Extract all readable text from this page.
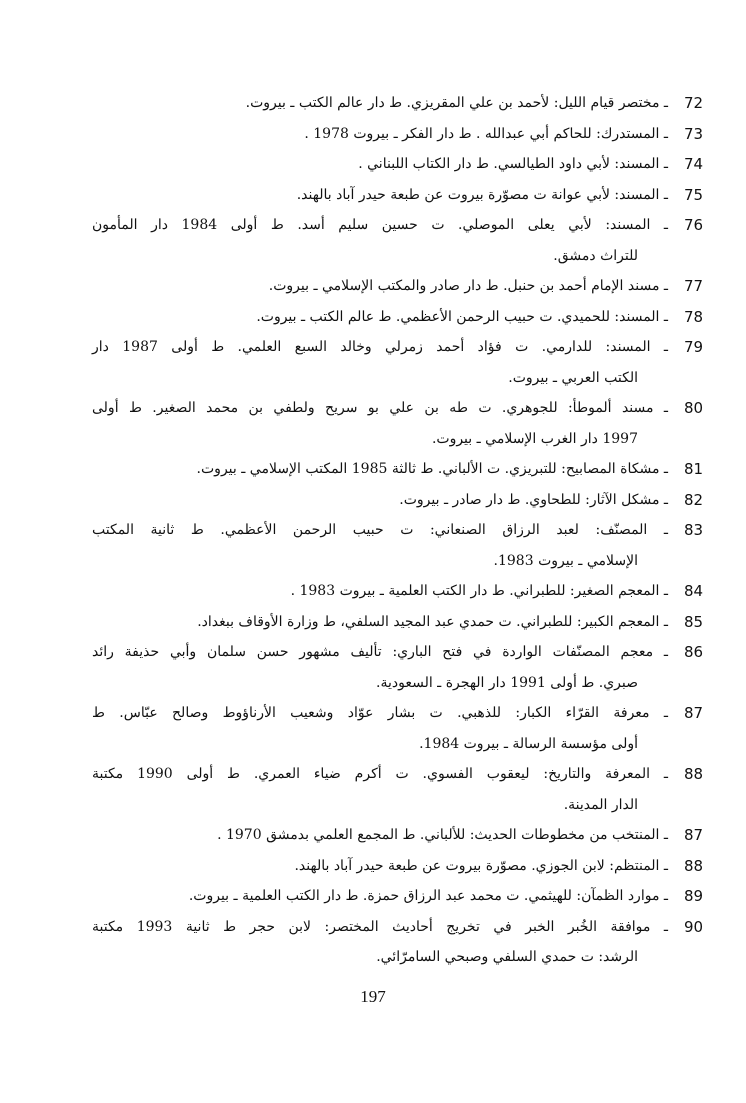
72
ـ مختصر قيام الليل: لأحمد بن علي المقريزي. ط دار عالم الكتب ـ بيروت.
73
ـ المستدرك: للحاكم أبي عبدالله . ط دار الفكر ـ بيروت 1978 .
74
ـ المسند: لأبي داود الطيالسي. ط دار الكتاب اللبناني .
75
ـ المسند: لأبي عوانة ت مصوّرة بيروت عن طبعة حيدر آباد بالهند.
76
ـ المسند: لأبي يعلى الموصلي. ت حسين سليم أسد. ط أولى 1984 دار المأمون
للتراث دمشق.
77
ـ مسند الإمام أحمد بن حنبل. ط دار صادر والمكتب الإسلامي ـ بيروت.
78
ـ المسند: للحميدي. ت حبيب الرحمن الأعظمي. ط عالم الكتب ـ بيروت.
79
ـ المسند: للدارمي. ت فؤاد أحمد زمرلي وخالد السبع العلمي. ط أولى 1987 دار
الكتب العربي ـ بيروت.
80
ـ مسند ألموطأ: للجوهري. ت طه بن علي بو سريح ولطفي بن محمد الصغير. ط أولى
1997 دار الغرب الإسلامي ـ بيروت.
81
ـ مشكاة المصابيح: للتبريزي. ت الألباني. ط ثالثة 1985 المكتب الإسلامي ـ بيروت.
82
ـ مشكل الآثار: للطحاوي. ط دار صادر ـ بيروت.
83
ـ المصنّف: لعبد الرزاق الصنعاني: ت حبيب الرحمن الأعظمي. ط ثانية المكتب
الإسلامي ـ بيروت 1983.
84
ـ المعجم الصغير: للطبراني. ط دار الكتب العلمية ـ بيروت 1983 .
85
ـ المعجم الكبير: للطبراني. ت حمدي عبد المجيد السلفي، ط وزارة الأوقاف ببغداد.
86
ـ معجم المصنّفات الواردة في فتح الباري: تأليف مشهور حسن سلمان وأبي حذيفة رائد
صبري. ط أولى 1991 دار الهجرة ـ السعودية.
87
ـ معرفة القرّاء الكبار: للذهبي. ت بشار عوّاد وشعيب الأرناؤوط وصالح عبّاس. ط
أولى مؤسسة الرسالة ـ بيروت 1984.
88
ـ المعرفة والتاريخ: ليعقوب الفسوي. ت أكرم ضياء العمري. ط أولى 1990 مكتبة
الدار المدينة.
87
ـ المنتخب من مخطوطات الحديث: للألباني. ط المجمع العلمي بدمشق 1970 .
88
ـ المنتظم: لابن الجوزي. مصوّرة بيروت عن طبعة حيدر آباد بالهند.
89
ـ موارد الظمآن: للهيثمي. ت محمد عبد الرزاق حمزة. ط دار الكتب العلمية ـ بيروت.
90
ـ موافقة الخُبر الخبر في تخريج أحاديث المختصر: لابن حجر ط ثانية 1993 مكتبة
الرشد: ت حمدي السلفي وصبحي السامرّائي.
197
